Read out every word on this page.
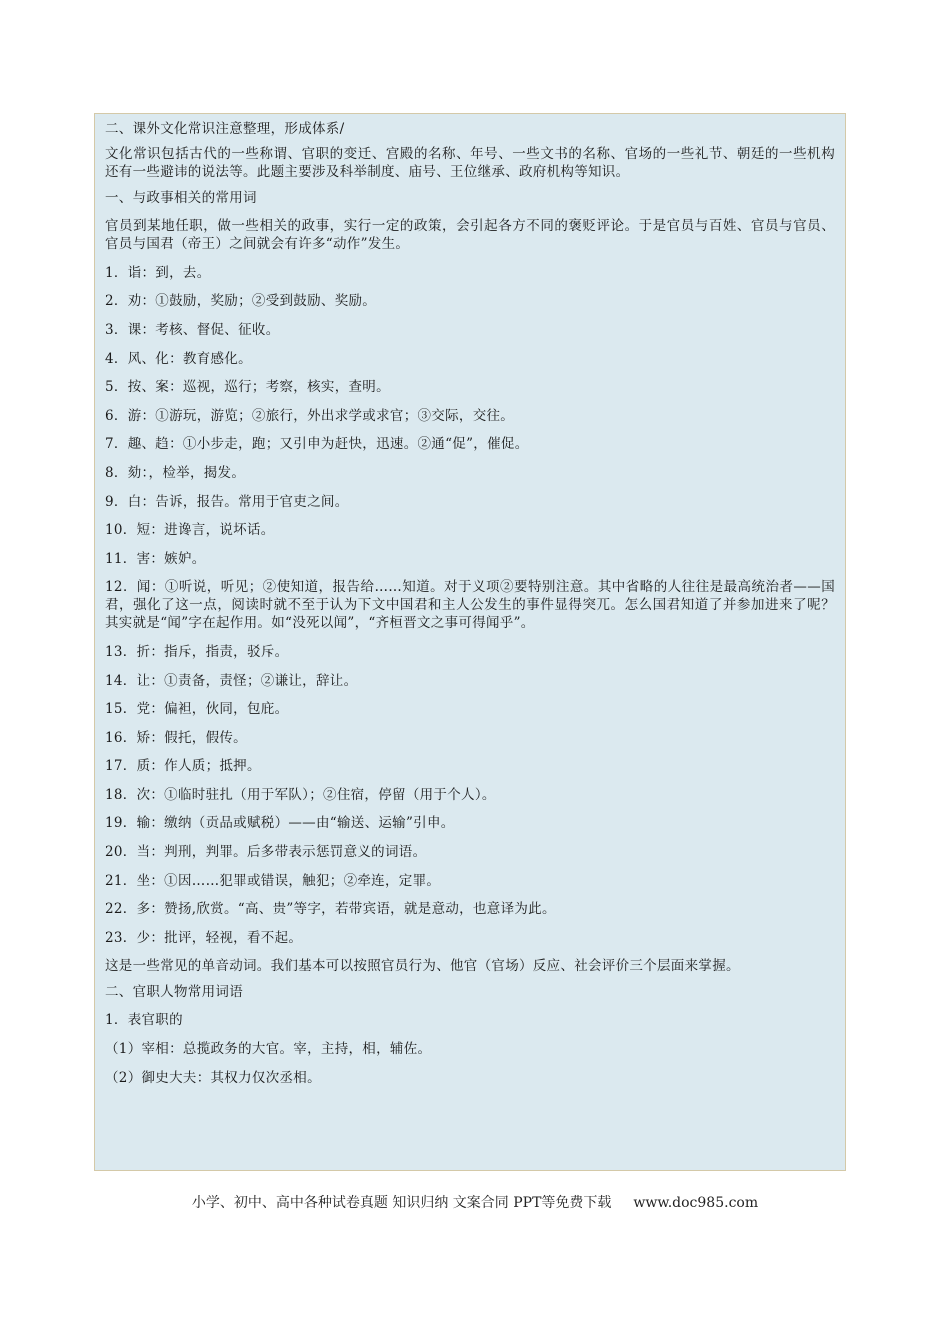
二、课外文化常识注意整理，形成体系/

文化常识包括古代的一些称谓、官职的变迁、宫殿的名称、年号、一些文书的名称、官场的一些礼节、朝廷的一些机构还有一些避讳的说法等。此题主要涉及科举制度、庙号、王位继承、政府机构等知识。

一、与政事相关的常用词

官员到某地任职，做一些相关的政事，实行一定的政策，会引起各方不同的褒贬评论。于是官员与百姓、官员与官员、官员与国君（帝王）之间就会有许多“动作”发生。

1．诣：到，去。

2．劝：①鼓励，奖励；②受到鼓励、奖励。

3．课：考核、督促、征收。

4．风、化：教育感化。

5．按、案：巡视，巡行；考察，核实，查明。

6．游：①游玩，游览；②旅行，外出求学或求官；③交际，交往。

7．趣、趋：①小步走，跑；又引申为赶快，迅速。②通“促”，催促。

8．劾：，检举，揭发。

9．白：告诉，报告。常用于官吏之间。

10．短：进谗言，说坏话。

11．害：嫉妒。

12．闻：①听说，听见；②使知道，报告给……知道。对于义项②要特别注意。其中省略的人往往是最高统治者——国君，强化了这一点，阅读时就不至于认为下文中国君和主人公发生的事件显得突兀。怎么国君知道了并参加进来了呢？其实就是“闻”字在起作用。如“没死以闻”，“齐桓晋文之事可得闻乎”。

13．折：指斥，指责，驳斥。

14．让：①责备，责怪；②谦让，辞让。

15．党：偏袒，伙同，包庇。

16．矫：假托，假传。

17．质：作人质；抵押。

18．次：①临时驻扎（用于军队）；②住宿，停留（用于个人）。

19．输：缴纳（贡品或赋税）——由“输送、运输”引申。

20．当：判刑，判罪。后多带表示惩罚意义的词语。

21．坐：①因……犯罪或错误，触犯；②牵连，定罪。

22．多：赞扬,欣赏。“高、贵”等字，若带宾语，就是意动，也意译为此。

23．少：批评，轻视，看不起。

这是一些常见的单音动词。我们基本可以按照官员行为、他官（官场）反应、社会评价三个层面来掌握。

二、官职人物常用词语

1．表官职的

（1）宰相：总揽政务的大官。宰，主持，相，辅佐。

（2）御史大夫：其权力仅次丞相。

小学、初中、高中各种试卷真题 知识归纳 文案合同 PPT等免费下载 www.doc985.com
